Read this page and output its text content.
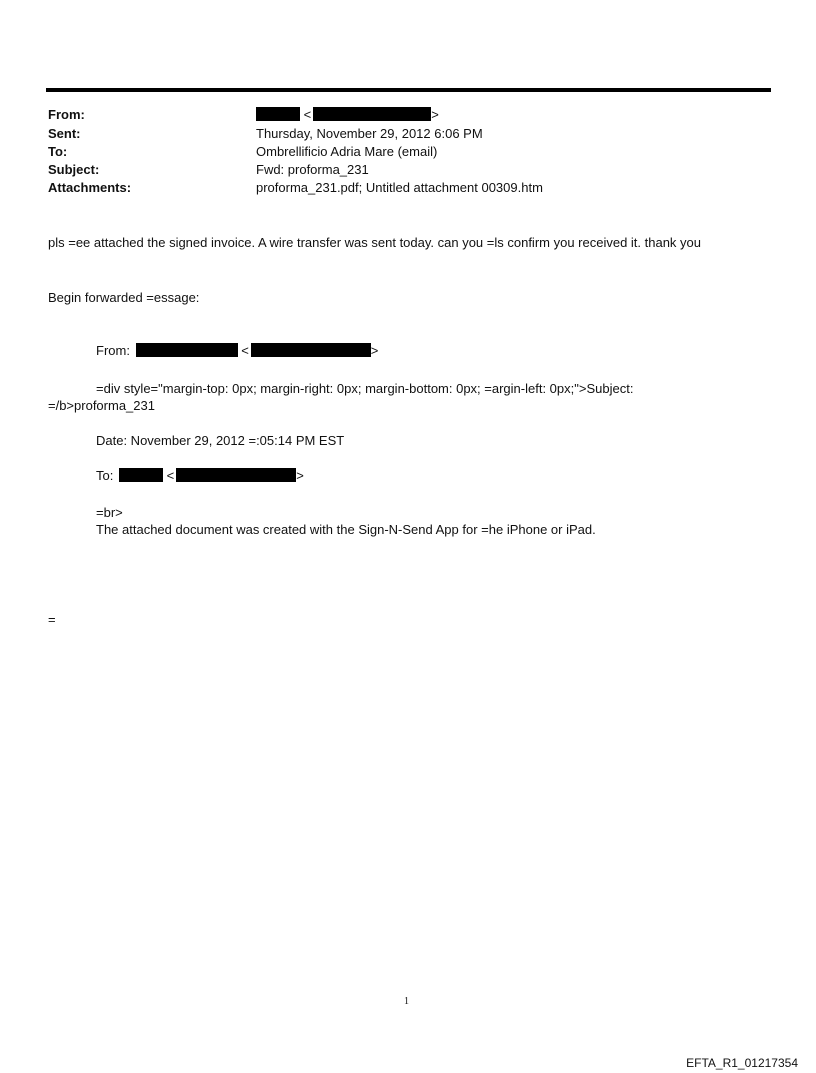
From:	<	>
Sent:	Thursday, November 29, 2012 6:06 PM
To:	Ombrellificio Adria Mare (email)
Subject:	Fwd: proforma_231
Attachments:	proforma_231.pdf; Untitled attachment 00309.htm
pls =ee attached the signed invoice. A wire transfer was sent today. can you =ls confirm you received it. thank you
Begin forwarded =essage:
From:	<	>
=div style="margin-top: 0px; margin-right: 0px; margin-bottom: 0px; =argin-left: 0px;">Subject:
=/b>proforma_231
Date: November 29, 2012 =:05:14 PM EST
To:	<	>
=br>
The attached document was created with the Sign-N-Send App for =he iPhone or iPad.
=
1
EFTA_R1_01217354
